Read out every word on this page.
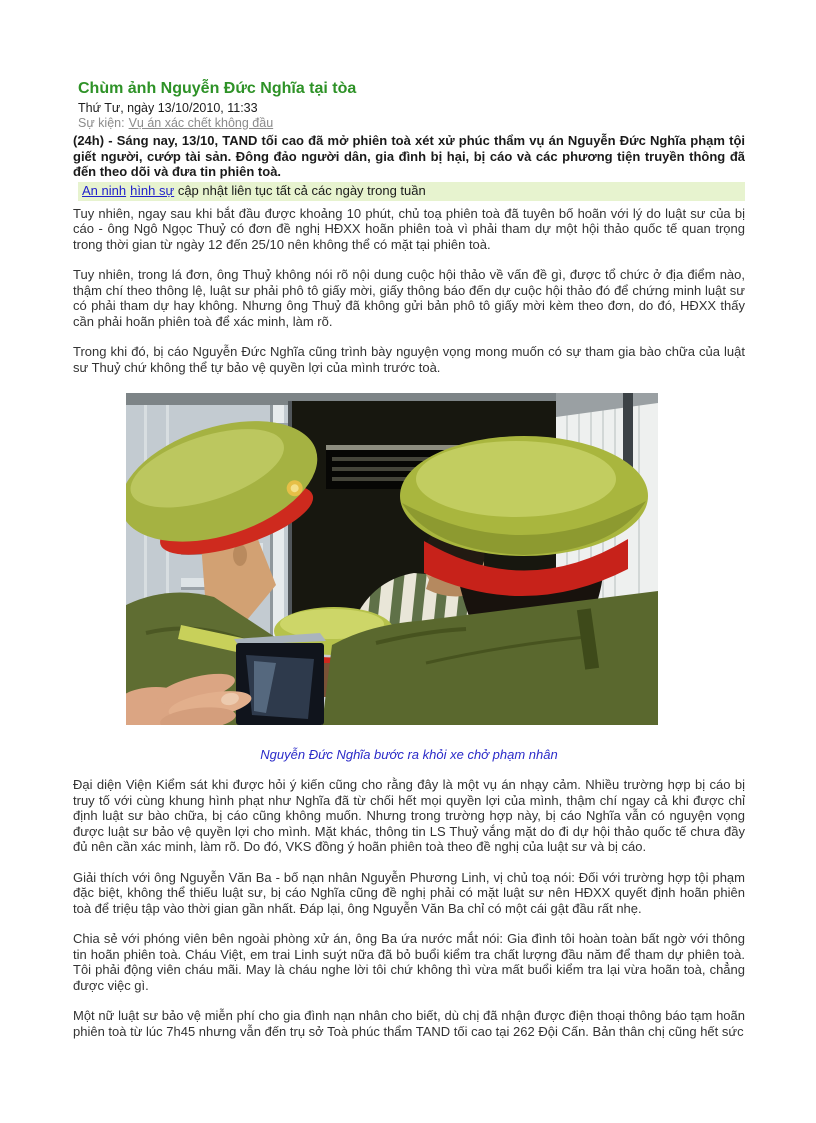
Chùm ảnh Nguyễn Đức Nghĩa tại tòa
Thứ Tư, ngày 13/10/2010, 11:33
Sự kiện: Vụ án xác chết không đầu

(24h) - Sáng nay, 13/10, TAND tối cao đã mở phiên toà xét xử phúc thẩm vụ án Nguyễn Đức Nghĩa phạm tội giết người, cướp tài sản. Đông đảo người dân, gia đình bị hại, bị cáo và các phương tiện truyền thông đã đến theo dõi và đưa tin phiên toà.

An ninh hình sự cập nhật liên tục tất cả các ngày trong tuần

Tuy nhiên, ngay sau khi bắt đầu được khoảng 10 phút, chủ toạ phiên toà đã tuyên bố hoãn với lý do luật sư của bị cáo - ông Ngô Ngọc Thuỷ có đơn đề nghị HĐXX hoãn phiên toà vì phải tham dự một hội thảo quốc tế quan trọng trong thời gian từ ngày 12 đến 25/10 nên không thể có mặt tại phiên toà.

Tuy nhiên, trong lá đơn, ông Thuỷ không nói rõ nội dung cuộc hội thảo về vấn đề gì, được tổ chức ở địa điểm nào, thậm chí theo thông lệ, luật sư phải phô tô giấy mời, giấy thông báo đến dự cuộc hội thảo đó để chứng minh luật sư có phải tham dự hay không. Nhưng ông Thuỷ đã không gửi bản phô tô giấy mời kèm theo đơn, do đó, HĐXX thấy cần phải hoãn phiên toà để xác minh, làm rõ.

Trong khi đó, bị cáo Nguyễn Đức Nghĩa cũng trình bày nguyện vọng mong muốn có sự tham gia bào chữa của luật sư Thuỷ chứ không thể tự bảo vệ quyền lợi của mình trước toà.

Nguyễn Đức Nghĩa bước ra khỏi xe chở phạm nhân

Đại diện Viện Kiểm sát khi được hỏi ý kiến cũng cho rằng đây là một vụ án nhạy cảm. Nhiều trường hợp bị cáo bị truy tố với cùng khung hình phạt như Nghĩa đã từ chối hết mọi quyền lợi của mình, thậm chí ngay cả khi được chỉ định luật sư bào chữa, bị cáo cũng không muốn. Nhưng trong trường hợp này, bị cáo Nghĩa vẫn có nguyện vọng được luật sư bảo vệ quyền lợi cho mình. Mặt khác, thông tin LS Thuỷ vắng mặt do đi dự hội thảo quốc tế chưa đầy đủ nên cần xác minh, làm rõ. Do đó, VKS đồng ý hoãn phiên toà theo đề nghị của luật sư và bị cáo.

Giải thích với ông Nguyễn Văn Ba - bố nạn nhân Nguyễn Phương Linh, vị chủ toạ nói: Đối với trường hợp tội phạm đặc biệt, không thể thiếu luật sư, bị cáo Nghĩa cũng đề nghị phải có mặt luật sư nên HĐXX quyết định hoãn phiên toà để triệu tập vào thời gian gần nhất. Đáp lại, ông Nguyễn Văn Ba chỉ có một cái gật đầu rất nhẹ.

Chia sẻ với phóng viên bên ngoài phòng xử án, ông Ba ứa nước mắt nói: Gia đình tôi hoàn toàn bất ngờ với thông tin hoãn phiên toà. Cháu Việt, em trai Linh suýt nữa đã bỏ buổi kiểm tra chất lượng đầu năm để tham dự phiên toà. Tôi phải động viên cháu mãi. May là cháu nghe lời tôi chứ không thì vừa mất buổi kiểm tra lại vừa hoãn toà, chẳng được việc gì.

Một nữ luật sư bảo vệ miễn phí cho gia đình nạn nhân cho biết, dù chị đã nhận được điện thoại thông báo tạm hoãn phiên toà từ lúc 7h45 nhưng vẫn đến trụ sở Toà phúc thẩm TAND tối cao tại 262 Đội Cấn. Bản thân chị cũng hết sức
